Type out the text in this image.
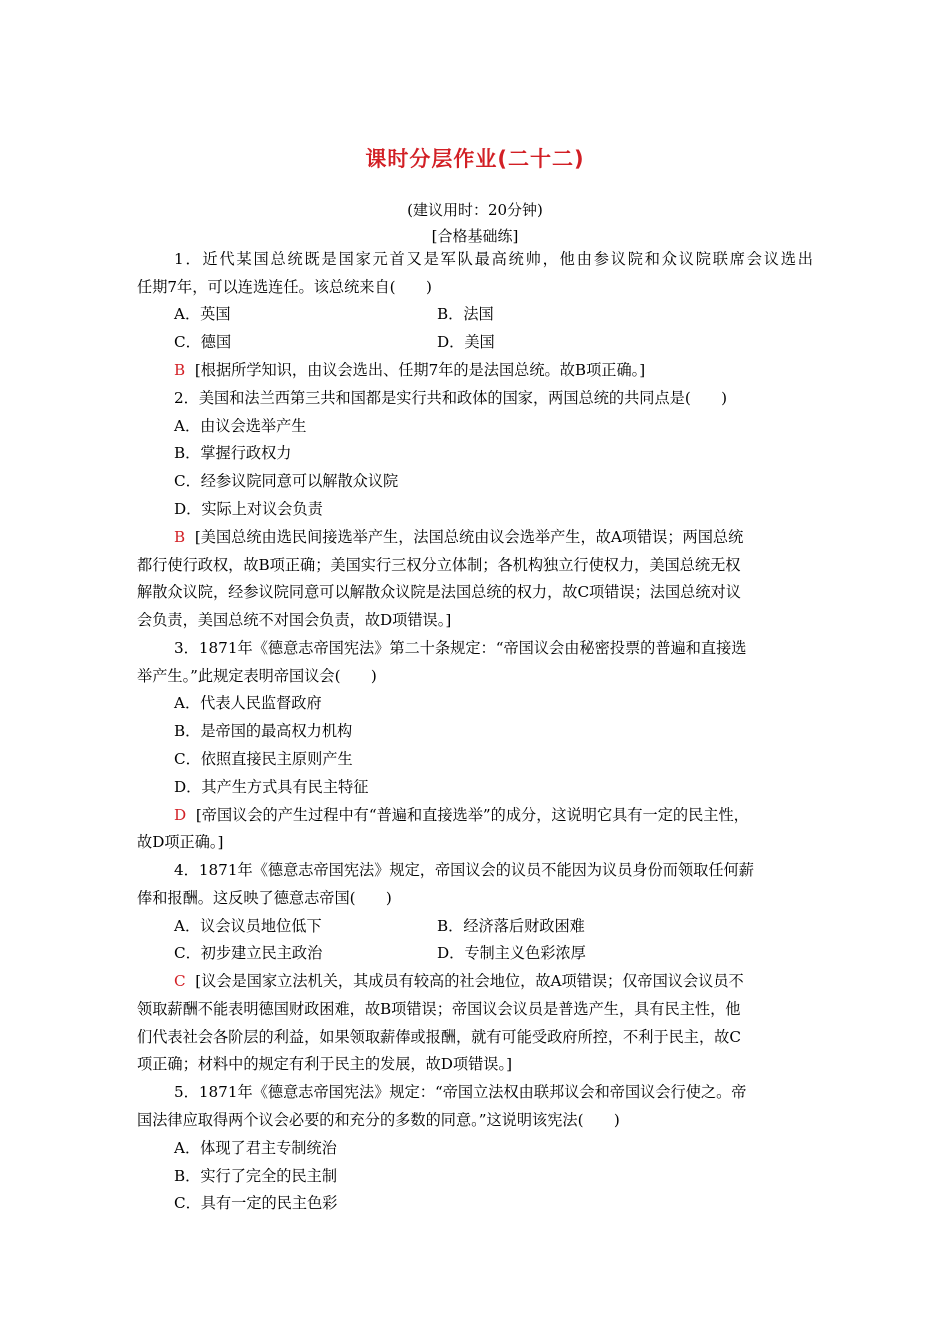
课时分层作业(二十二)
(建议用时：20分钟)
[合格基础练]
1．近代某国总统既是国家元首又是军队最高统帅，他由参议院和众议院联席会议选出
任期7年，可以连选连任。该总统来自(　　)
A．英国	B．法国
C．德国	D．美国
B [根据所学知识，由议会选出、任期7年的是法国总统。故B项正确。]
2．美国和法兰西第三共和国都是实行共和政体的国家，两国总统的共同点是(　　)
A．由议会选举产生
B．掌握行政权力
C．经参议院同意可以解散众议院
D．实际上对议会负责
B [美国总统由选民间接选举产生，法国总统由议会选举产生，故A项错误；两国总统
都行使行政权，故B项正确；美国实行三权分立体制；各机构独立行使权力，美国总统无权
解散众议院，经参议院同意可以解散众议院是法国总统的权力，故C项错误；法国总统对议
会负责，美国总统不对国会负责，故D项错误。]
3．1871年《德意志帝国宪法》第二十条规定：“帝国议会由秘密投票的普遍和直接选
举产生。”此规定表明帝国议会(　　)
A．代表人民监督政府
B．是帝国的最高权力机构
C．依照直接民主原则产生
D．其产生方式具有民主特征
D [帝国议会的产生过程中有“普遍和直接选举”的成分，这说明它具有一定的民主性，
故D项正确。]
4．1871年《德意志帝国宪法》规定，帝国议会的议员不能因为议员身份而领取任何薪
俸和报酬。这反映了德意志帝国(　　)
A．议会议员地位低下	B．经济落后财政困难
C．初步建立民主政治	D．专制主义色彩浓厚
C [议会是国家立法机关，其成员有较高的社会地位，故A项错误；仅帝国议会议员不
领取薪酬不能表明德国财政困难，故B项错误；帝国议会议员是普选产生，具有民主性，他
们代表社会各阶层的利益，如果领取薪俸或报酬，就有可能受政府所控，不利于民主，故C
项正确；材料中的规定有利于民主的发展，故D项错误。]
5．1871年《德意志帝国宪法》规定：“帝国立法权由联邦议会和帝国议会行使之。帝
国法律应取得两个议会必要的和充分的多数的同意。”这说明该宪法(　　)
A．体现了君主专制统治
B．实行了完全的民主制
C．具有一定的民主色彩
